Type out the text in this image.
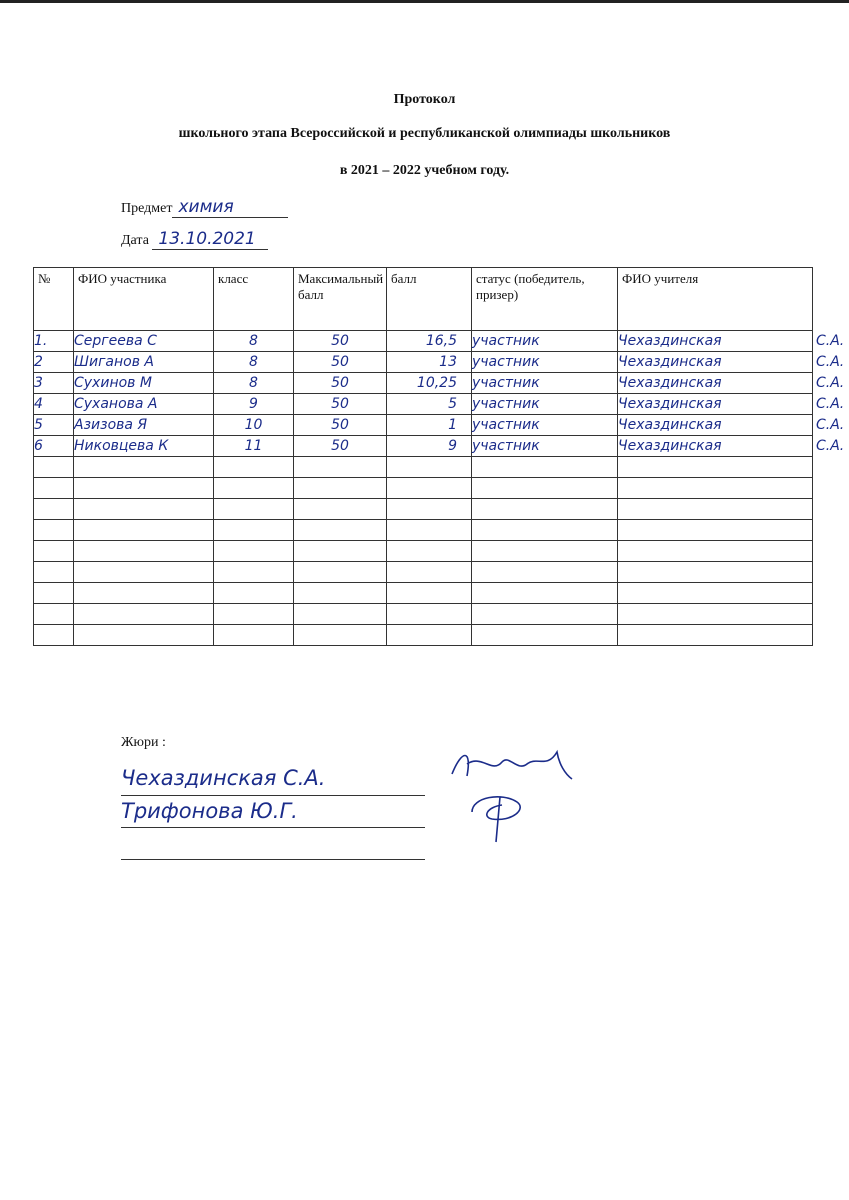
Протокол
школьного этапа Всероссийской и республиканской олимпиады школьников
в 2021 – 2022 учебном году.
Предмет химия
Дата 13.10.2021
№	ФИО участника	класс	Максимальный балл	балл	статус (победитель, призер)	ФИО учителя
1.	Сергеева С	8	50	16,5	участник	Чехаздинская С.А.

2	Шиганов А	8	50	13	участник	Чехаздинская С.А.

3	Сухинов М	8	50	10,25	участник	Чехаздинская С.А.

4	Суханова А	9	50	5	участник	Чехаздинская С.А.

5	Азизова Я	10	50	1	участник	Чехаздинская С.А.

6	Никовцева К	11	50	9	участник	Чехаздинская С.А.

Жюри :
Чехаздинская С.А.
Трифонова Ю.Г.
